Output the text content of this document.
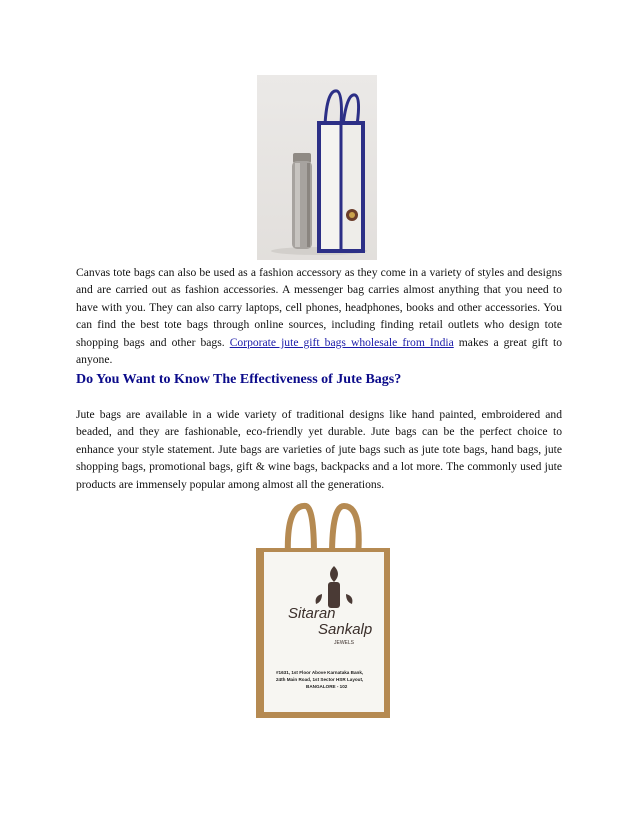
Canvas tote bags can also be used as a fashion accessory as they come in a variety of styles and designs and are carried out as fashion accessories. A messenger bag carries almost anything that you need to have with you. They can also carry laptops, cell phones, headphones, books and other accessories. You can find the best tote bags through online sources, including finding retail outlets who design tote shopping bags and other bags. Corporate jute gift bags wholesale from India makes a great gift to anyone.

Do You Want to Know The Effectiveness of Jute Bags?

Jute bags are available in a wide variety of traditional designs like hand painted, embroidered and beaded, and they are fashionable, eco-friendly yet durable. Jute bags can be the perfect choice to enhance your style statement. Jute bags are varieties of jute bags such as jute tote bags, hand bags, jute shopping bags, promotional bags, gift & wine bags, backpacks and a lot more. The commonly used jute products are immensely popular among almost all the generations.

Sitaran
Sankalp
JEWELS
#1631, 1st Floor Above Karnataka Bank,
24th Main Road, 1st Sector HSR Layout,
BANGALORE - 102
